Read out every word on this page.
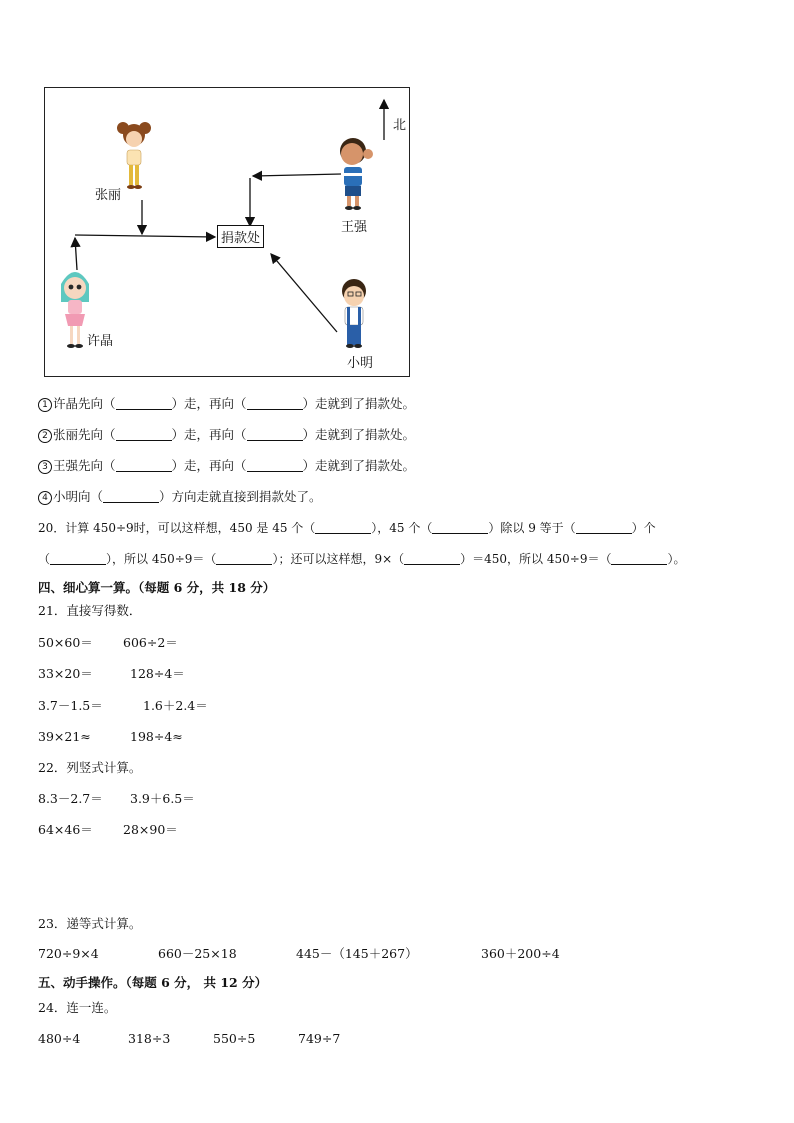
北
张丽
王强
许晶
小明
捐款处
1 许晶先向（	）走，再向（	）走就到了捐款处。
2 张丽先向（	）走，再向（	）走就到了捐款处。
3 王强先向（	）走，再向（	）走就到了捐款处。
4 小明向（	）方向走就直接到捐款处了。
20．计算 450÷9时，可以这样想，450 是 45 个（	），45 个（	）除以 9 等于（	）个
（	），所以 450÷9＝（	）；还可以这样想，9×（	）＝450，所以 450÷9＝（	）。
四、细心算一算。（每题 6 分，共 18 分）
21．直接写得数．
50×60＝ 606÷2＝
33×20＝	128÷4＝
3.7－1.5＝	1.6＋2.4＝
39×21≈	198÷4≈
22．列竖式计算。
8.3－2.7＝ 3.9＋6.5＝
64×46＝ 28×90＝
23．递等式计算。
720÷9×4	660－25×18	445－（145＋267）	360＋200÷4
五、动手操作。（每题 6 分， 共 12 分）
24．连一连。
480÷4	318÷3	550÷5	749÷7
